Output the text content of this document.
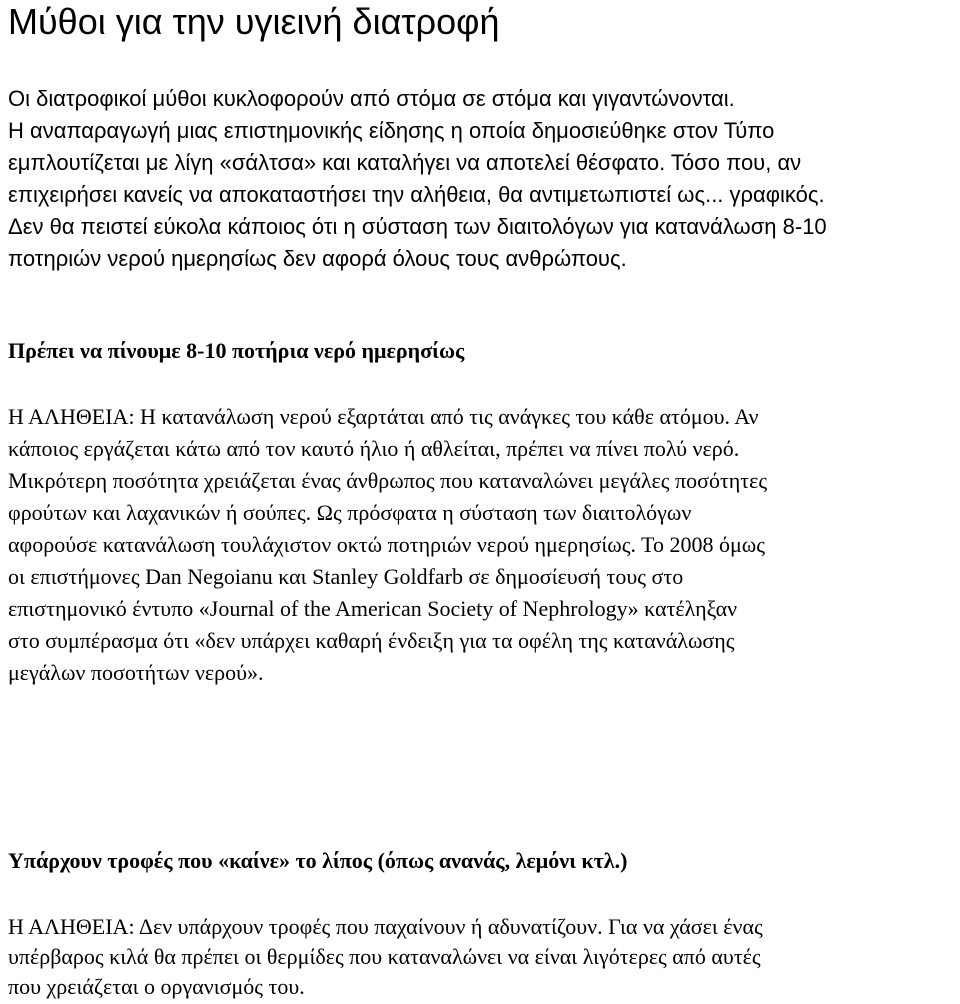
Μύθοι για την υγιεινή διατροφή
Οι διατροφικοί μύθοι κυκλοφορούν από στόμα σε στόμα και γιγαντώνονται.
Η αναπαραγωγή μιας επιστημονικής είδησης η οποία δημοσιεύθηκε στον Τύπο
εμπλουτίζεται με λίγη «σάλτσα» και καταλήγει να αποτελεί θέσφατο. Τόσο που, αν
επιχειρήσει κανείς να αποκαταστήσει την αλήθεια, θα αντιμετωπιστεί ως... γραφικός.
Δεν θα πειστεί εύκολα κάποιος ότι η σύσταση των διαιτολόγων για κατανάλωση 8-10
ποτηριών νερού ημερησίως δεν αφορά όλους τους ανθρώπους.
Πρέπει να πίνουμε 8-10 ποτήρια νερό ημερησίως
Η ΑΛΗΘΕΙΑ: Η κατανάλωση νερού εξαρτάται από τις ανάγκες του κάθε ατόμου. Αν
κάποιος εργάζεται κάτω από τον καυτό ήλιο ή αθλείται, πρέπει να πίνει πολύ νερό.
Μικρότερη ποσότητα χρειάζεται ένας άνθρωπος που καταναλώνει μεγάλες ποσότητες
φρούτων και λαχανικών ή σούπες. Ως πρόσφατα η σύσταση των διαιτολόγων
αφορούσε κατανάλωση τουλάχιστον οκτώ ποτηριών νερού ημερησίως. Το 2008 όμως
οι επιστήμονες Dan Negoianu και Stanley Goldfarb σε δημοσίευσή τους στο
επιστημονικό έντυπο «Journal of the American Society of Nephrology» κατέληξαν
στο συμπέρασμα ότι «δεν υπάρχει καθαρή ένδειξη για τα οφέλη της κατανάλωσης
μεγάλων ποσοτήτων νερού».
Υπάρχουν τροφές που «καίνε» το λίπος (όπως ανανάς, λεμόνι κτλ.)
Η ΑΛΗΘΕΙΑ: Δεν υπάρχουν τροφές που παχαίνουν ή αδυνατίζουν. Για να χάσει ένας
υπέρβαρος κιλά θα πρέπει οι θερμίδες που καταναλώνει να είναι λιγότερες από αυτές
που χρειάζεται ο οργανισμός του.
